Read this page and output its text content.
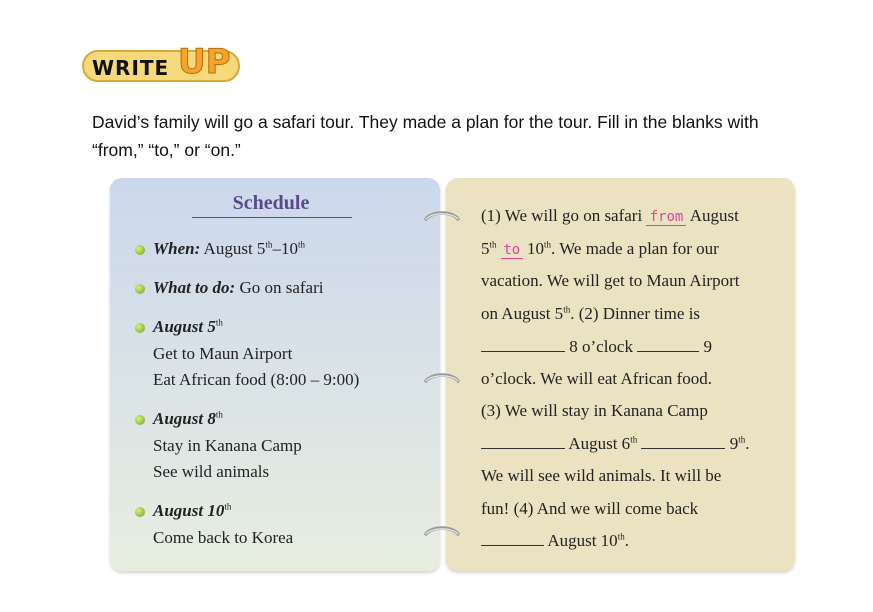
WRITE UP
David’s family will go a safari tour. They made a plan for the tour. Fill in the blanks with “from,” “to,” or “on.”
Schedule
When: August 5th–10th
What to do: Go on safari
August 5th
Get to Maun Airport
Eat African food (8:00 – 9:00)
August 8th
Stay in Kanana Camp
See wild animals
August 10th
Come back to Korea
(1) We will go on safari from August
5th to 10th. We made a plan for our
vacation. We will get to Maun Airport
on August 5th. (2) Dinner time is
8 o’clock	9
o’clock. We will eat African food.
(3) We will stay in Kanana Camp
August 6th	9th.
We will see wild animals. It will be
fun! (4) And we will come back
August 10th.
